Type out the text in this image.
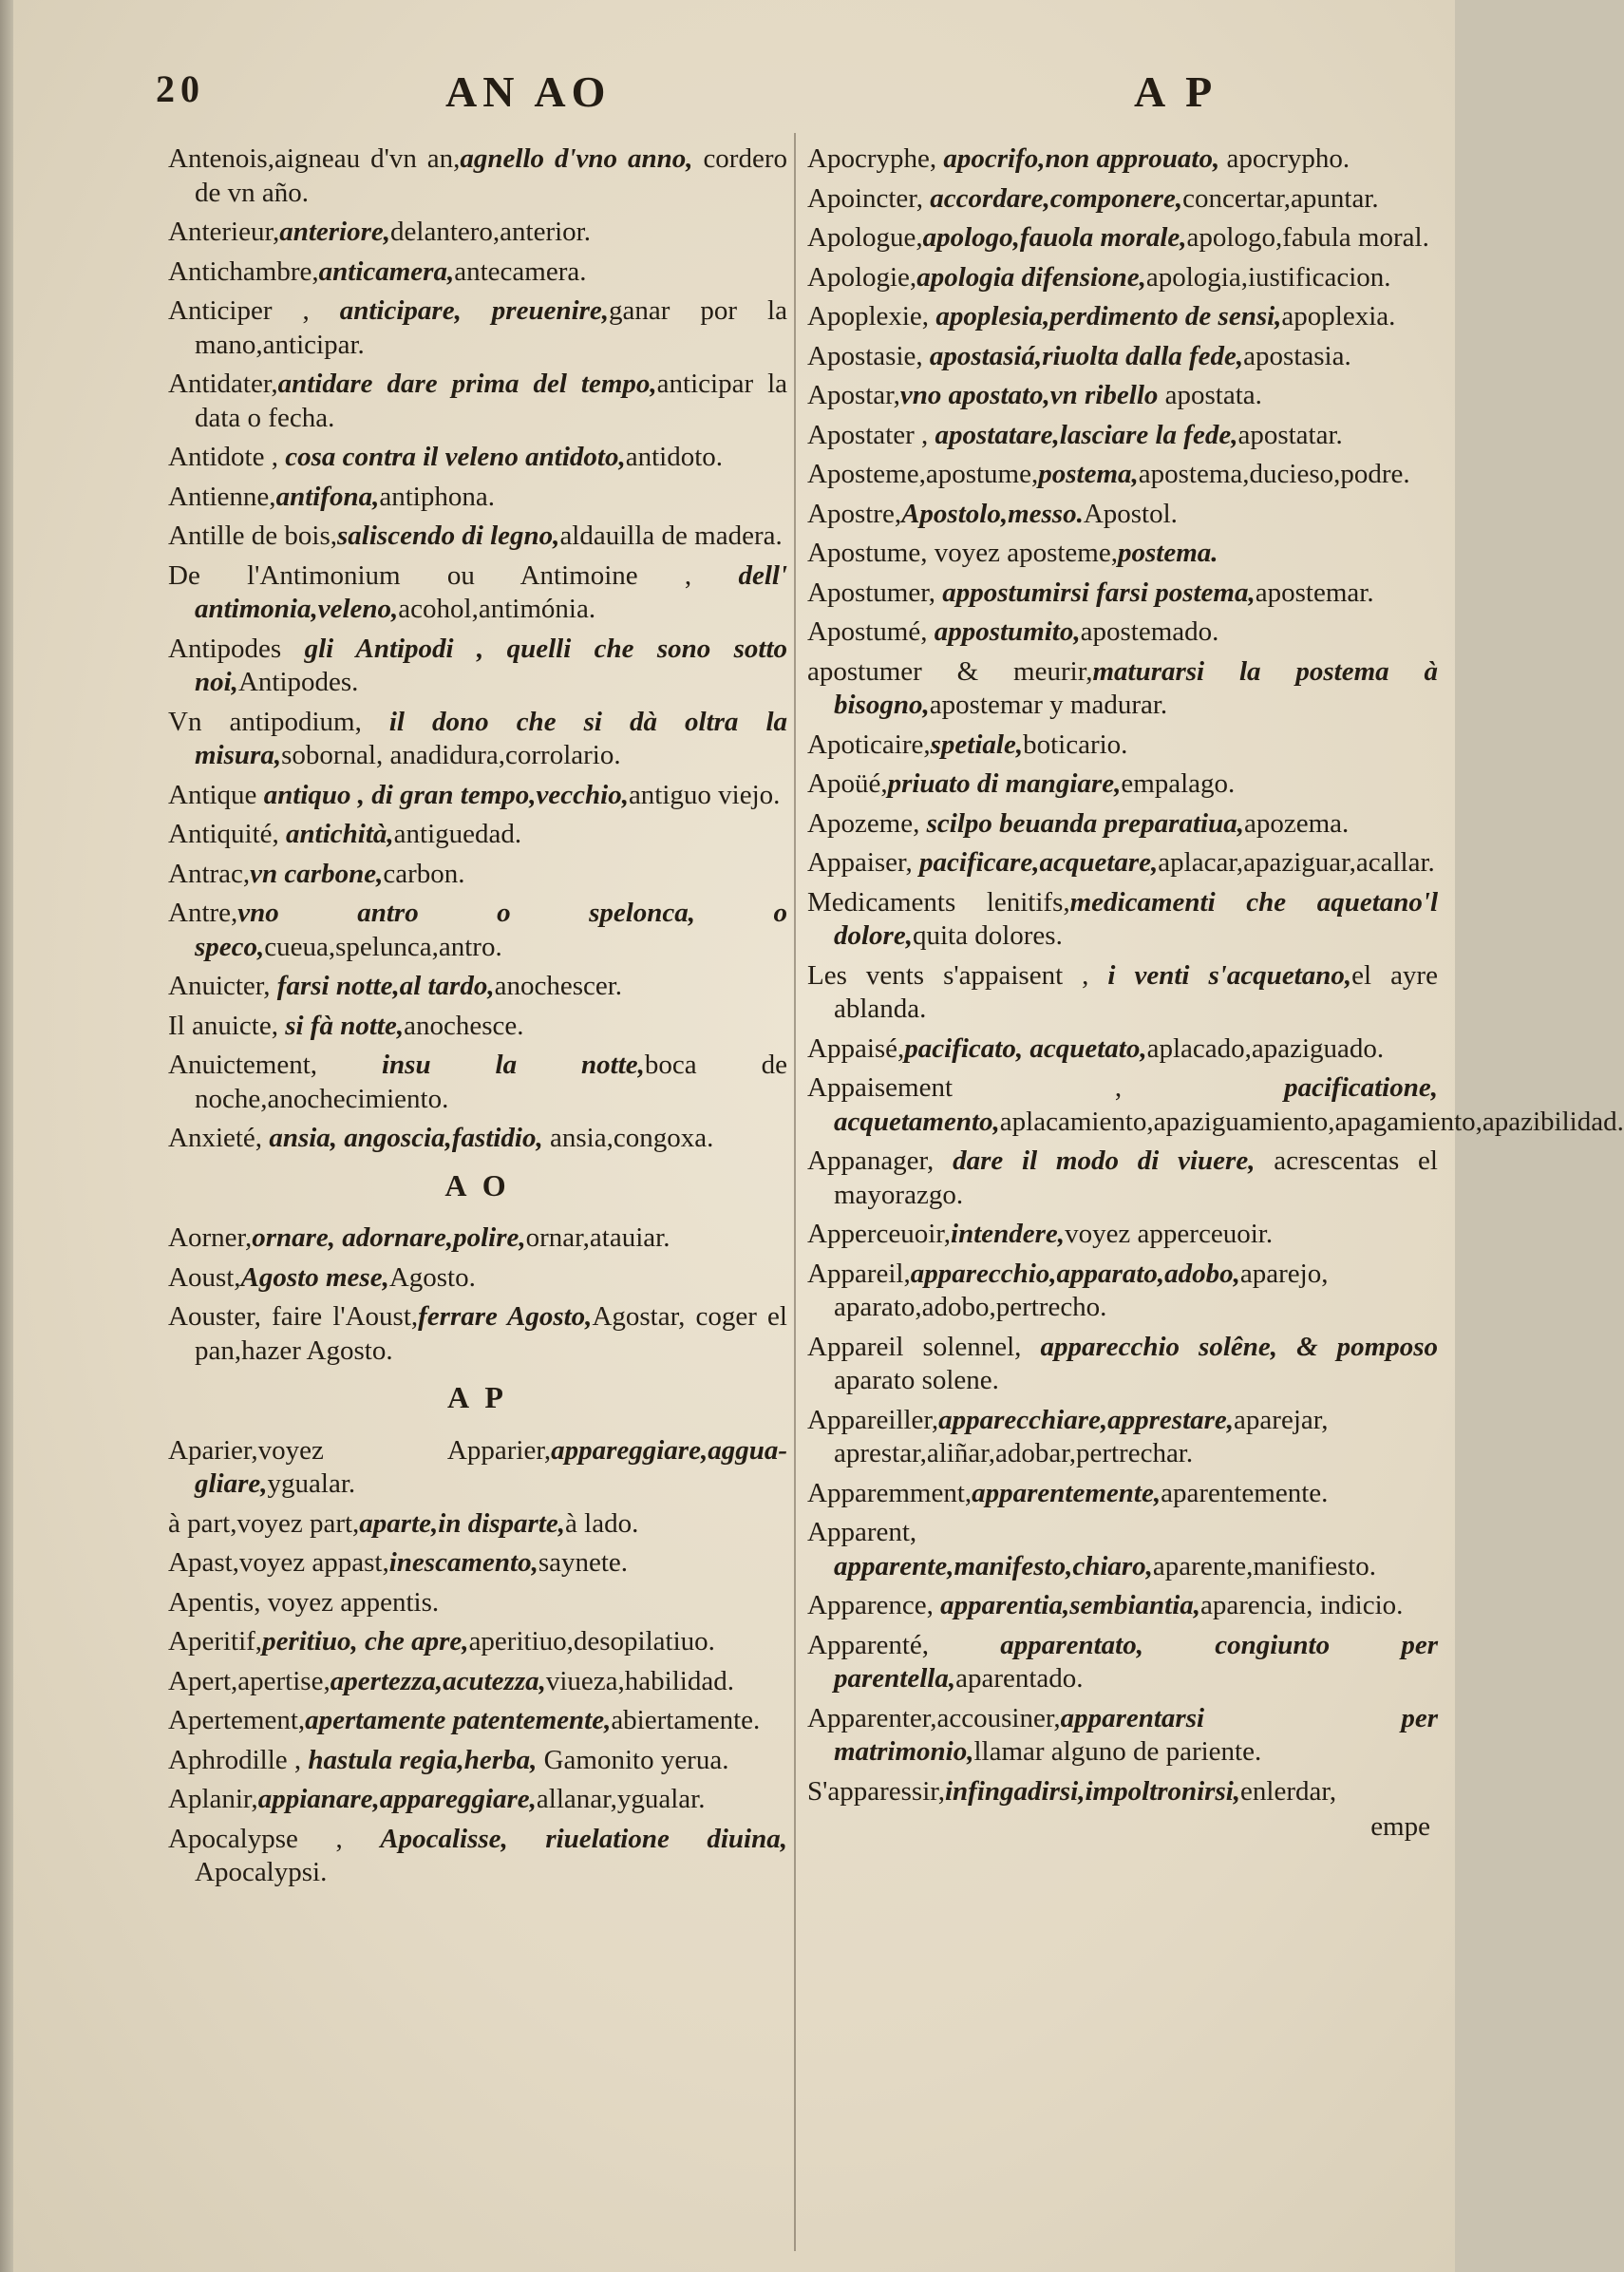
20	AN AO	A P

Antenois,aigneau d'vn an,agnello d'vno anno, cordero de vn año.

Anterieur,anteriore,delantero,anterior.

Antichambre,anticamera,antecamera.

Anticiper , anticipare, preuenire,ganar por la mano,anticipar.

Antidater,antidare dare prima del tempo,anticipar la data o fecha.

Antidote , cosa contra il veleno antidoto,antidoto.

Antienne,antifona,antiphona.

Antille de bois,saliscendo di legno,aldauilla de madera.

De l'Antimonium ou Antimoine , dell' antimonia,veleno,acohol,antimónia.

Antipodes gli Antipodi , quelli che sono sotto noi,Antipodes.

Vn antipodium, il dono che si dà oltra la misura,sobornal, anadidura,corrolario.

Antique antiquo , di gran tempo,vecchio,antiguo viejo.

Antiquité, antichità,antiguedad.

Antrac,vn carbone,carbon.

Antre,vno antro o spelonca, o speco,cueua,spelunca,antro.

Anuicter, farsi notte,al tardo,anochescer.

Il anuicte, si fà notte,anochesce.

Anuictement, insu la notte,boca de noche,anochecimiento.

Anxieté, ansia, angoscia,fastidio, ansia,congoxa.

A O

Aorner,ornare, adornare,polire,ornar,atauiar.

Aoust,Agosto mese,Agosto.

Aouster, faire l'Aoust,ferrare Agosto,Agostar, coger el pan,hazer Agosto.

A P

Aparier,voyez Apparier,appareggiare,aggua-gliare,ygualar.

à part,voyez part,aparte,in disparte,à lado.

Apast,voyez appast,inescamento,saynete.

Apentis, voyez appentis.

Aperitif,peritiuo, che apre,aperitiuo,desopilatiuo.

Apert,apertise,apertezza,acutezza,viueza,habilidad.

Apertement,apertamente patentemente,abiertamente.

Aphrodille , hastula regia,herba, Gamonito yerua.

Aplanir,appianare,appareggiare,allanar,ygualar.

Apocalypse , Apocalisse, riuelatione diuina, Apocalypsi.

Apocryphe, apocrifo,non approuato, apocrypho.

Apoincter, accordare,componere,concertar,apuntar.

Apologue,apologo,fauola morale,apologo,fabula moral.

Apologie,apologia difensione,apologia,iustificacion.

Apoplexie, apoplesia,perdimento de sensi,apoplexia.

Apostasie, apostasiá,riuolta dalla fede,apostasia.

Apostar,vno apostato,vn ribello apostata.

Apostater , apostatare,lasciare la fede,apostatar.

Aposteme,apostume,postema,apostema,ducieso,podre.

Apostre,Apostolo,messo.Apostol.

Apostume, voyez aposteme,postema.

Apostumer, appostumirsi farsi postema,apostemar.

Apostumé, appostumito,apostemado.

apostumer & meurir,maturarsi la postema à bisogno,apostemar y madurar.

Apoticaire,spetiale,boticario.

Apoüé,priuato di mangiare,empalago.

Apozeme, scilpo beuanda preparatiua,apozema.

Appaiser, pacificare,acquetare,aplacar,apaziguar,acallar.

Medicaments lenitifs,medicamenti che aquetano'l dolore,quita dolores.

Les vents s'appaisent , i venti s'acquetano,el ayre ablanda.

Appaisé,pacificato, acquetato,aplacado,apaziguado.

Appaisement , pacificatione, acquetamento,aplacamiento,apaziguamiento,apagamiento,apazibilidad.

Appanager, dare il modo di viuere, acrescentas el mayorazgo.

Apperceuoir,intendere,voyez apperceuoir.

Appareil,apparecchio,apparato,adobo,aparejo, aparato,adobo,pertrecho.

Appareil solennel, apparecchio solêne, & pomposo aparato solene.

Appareiller,apparecchiare,apprestare,aparejar, aprestar,aliñar,adobar,pertrechar.

Apparemment,apparentemente,aparentemente.

Apparent, apparente,manifesto,chiaro,aparente,manifiesto.

Apparence, apparentia,sembiantia,aparencia, indicio.

Apparenté, apparentato, congiunto per parentella,aparentado.

Apparenter,accousiner,apparentarsi per matrimonio,llamar alguno de pariente.

S'apparessir,infingadirsi,impoltronirsi,enlerdar,

empe
